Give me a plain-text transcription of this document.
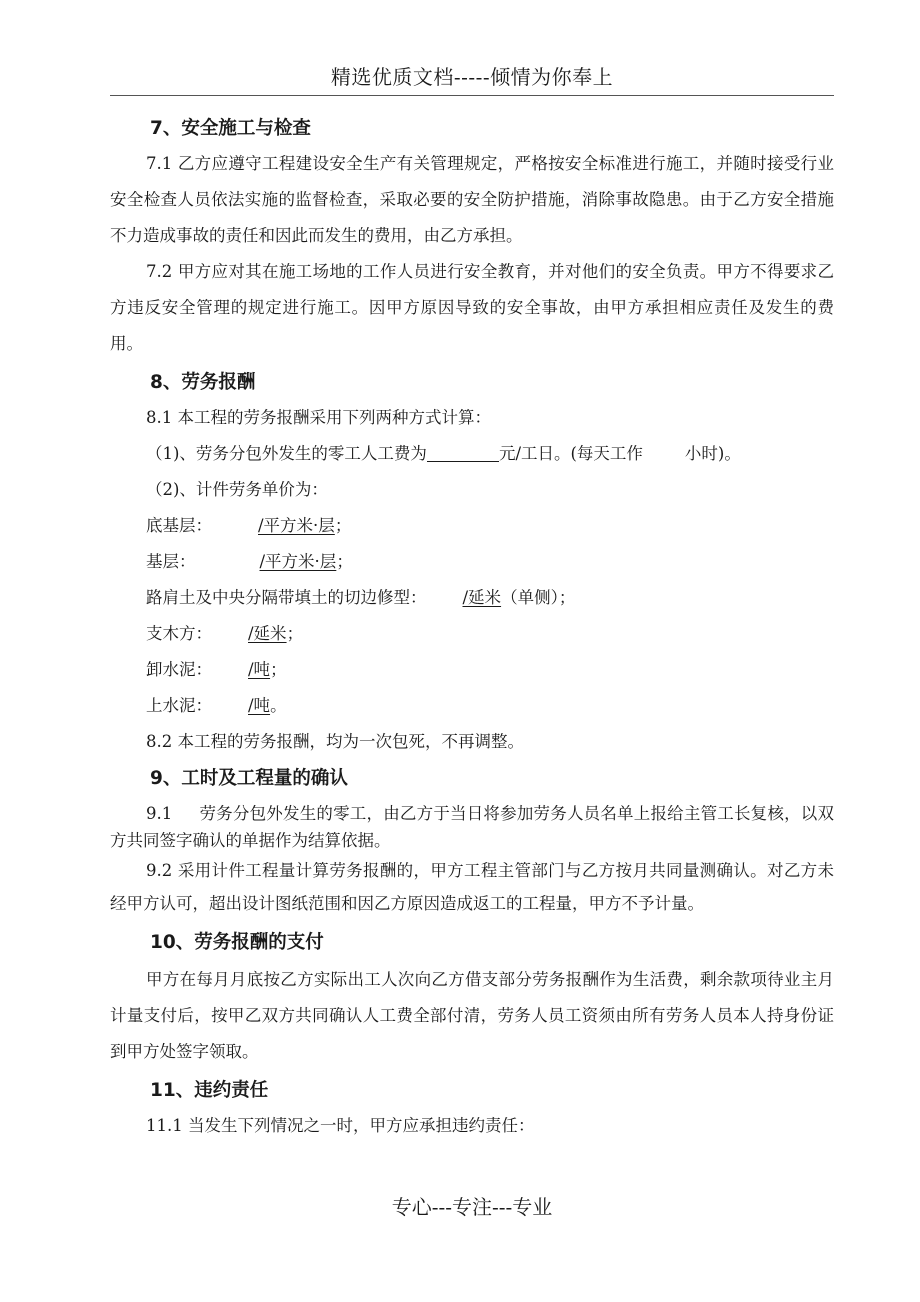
精选优质文档-----倾情为你奉上
7、安全施工与检查

7.1 乙方应遵守工程建设安全生产有关管理规定，严格按安全标准进行施工，并随时接受行业安全检查人员依法实施的监督检查，采取必要的安全防护措施，消除事故隐患。由于乙方安全措施不力造成事故的责任和因此而发生的费用，由乙方承担。

7.2 甲方应对其在施工场地的工作人员进行安全教育，并对他们的安全负责。甲方不得要求乙方违反安全管理的规定进行施工。因甲方原因导致的安全事故，由甲方承担相应责任及发生的费用。

8、劳务报酬

8.1 本工程的劳务报酬采用下列两种方式计算：

（1)、劳务分包外发生的零工人工费为	元/工日。(每天工作        小时)。

（2)、计件劳务单价为：

底基层：	/平方米·层；

基层：	/平方米·层；

路肩土及中央分隔带填土的切边修型： /延米（单侧）；

支木方： /延米；

卸水泥： /吨；

上水泥： /吨。

8.2 本工程的劳务报酬，均为一次包死，不再调整。

9、工时及工程量的确认

9.1     劳务分包外发生的零工，由乙方于当日将参加劳务人员名单上报给主管工长复核，以双方共同签字确认的单据作为结算依据。

9.2 采用计件工程量计算劳务报酬的，甲方工程主管部门与乙方按月共同量测确认。对乙方未经甲方认可，超出设计图纸范围和因乙方原因造成返工的工程量，甲方不予计量。

10、劳务报酬的支付

甲方在每月月底按乙方实际出工人次向乙方借支部分劳务报酬作为生活费，剩余款项待业主月计量支付后，按甲乙双方共同确认人工费全部付清，劳务人员工资须由所有劳务人员本人持身份证到甲方处签字领取。

11、违约责任

11.1 当发生下列情况之一时，甲方应承担违约责任：

专心---专注---专业
